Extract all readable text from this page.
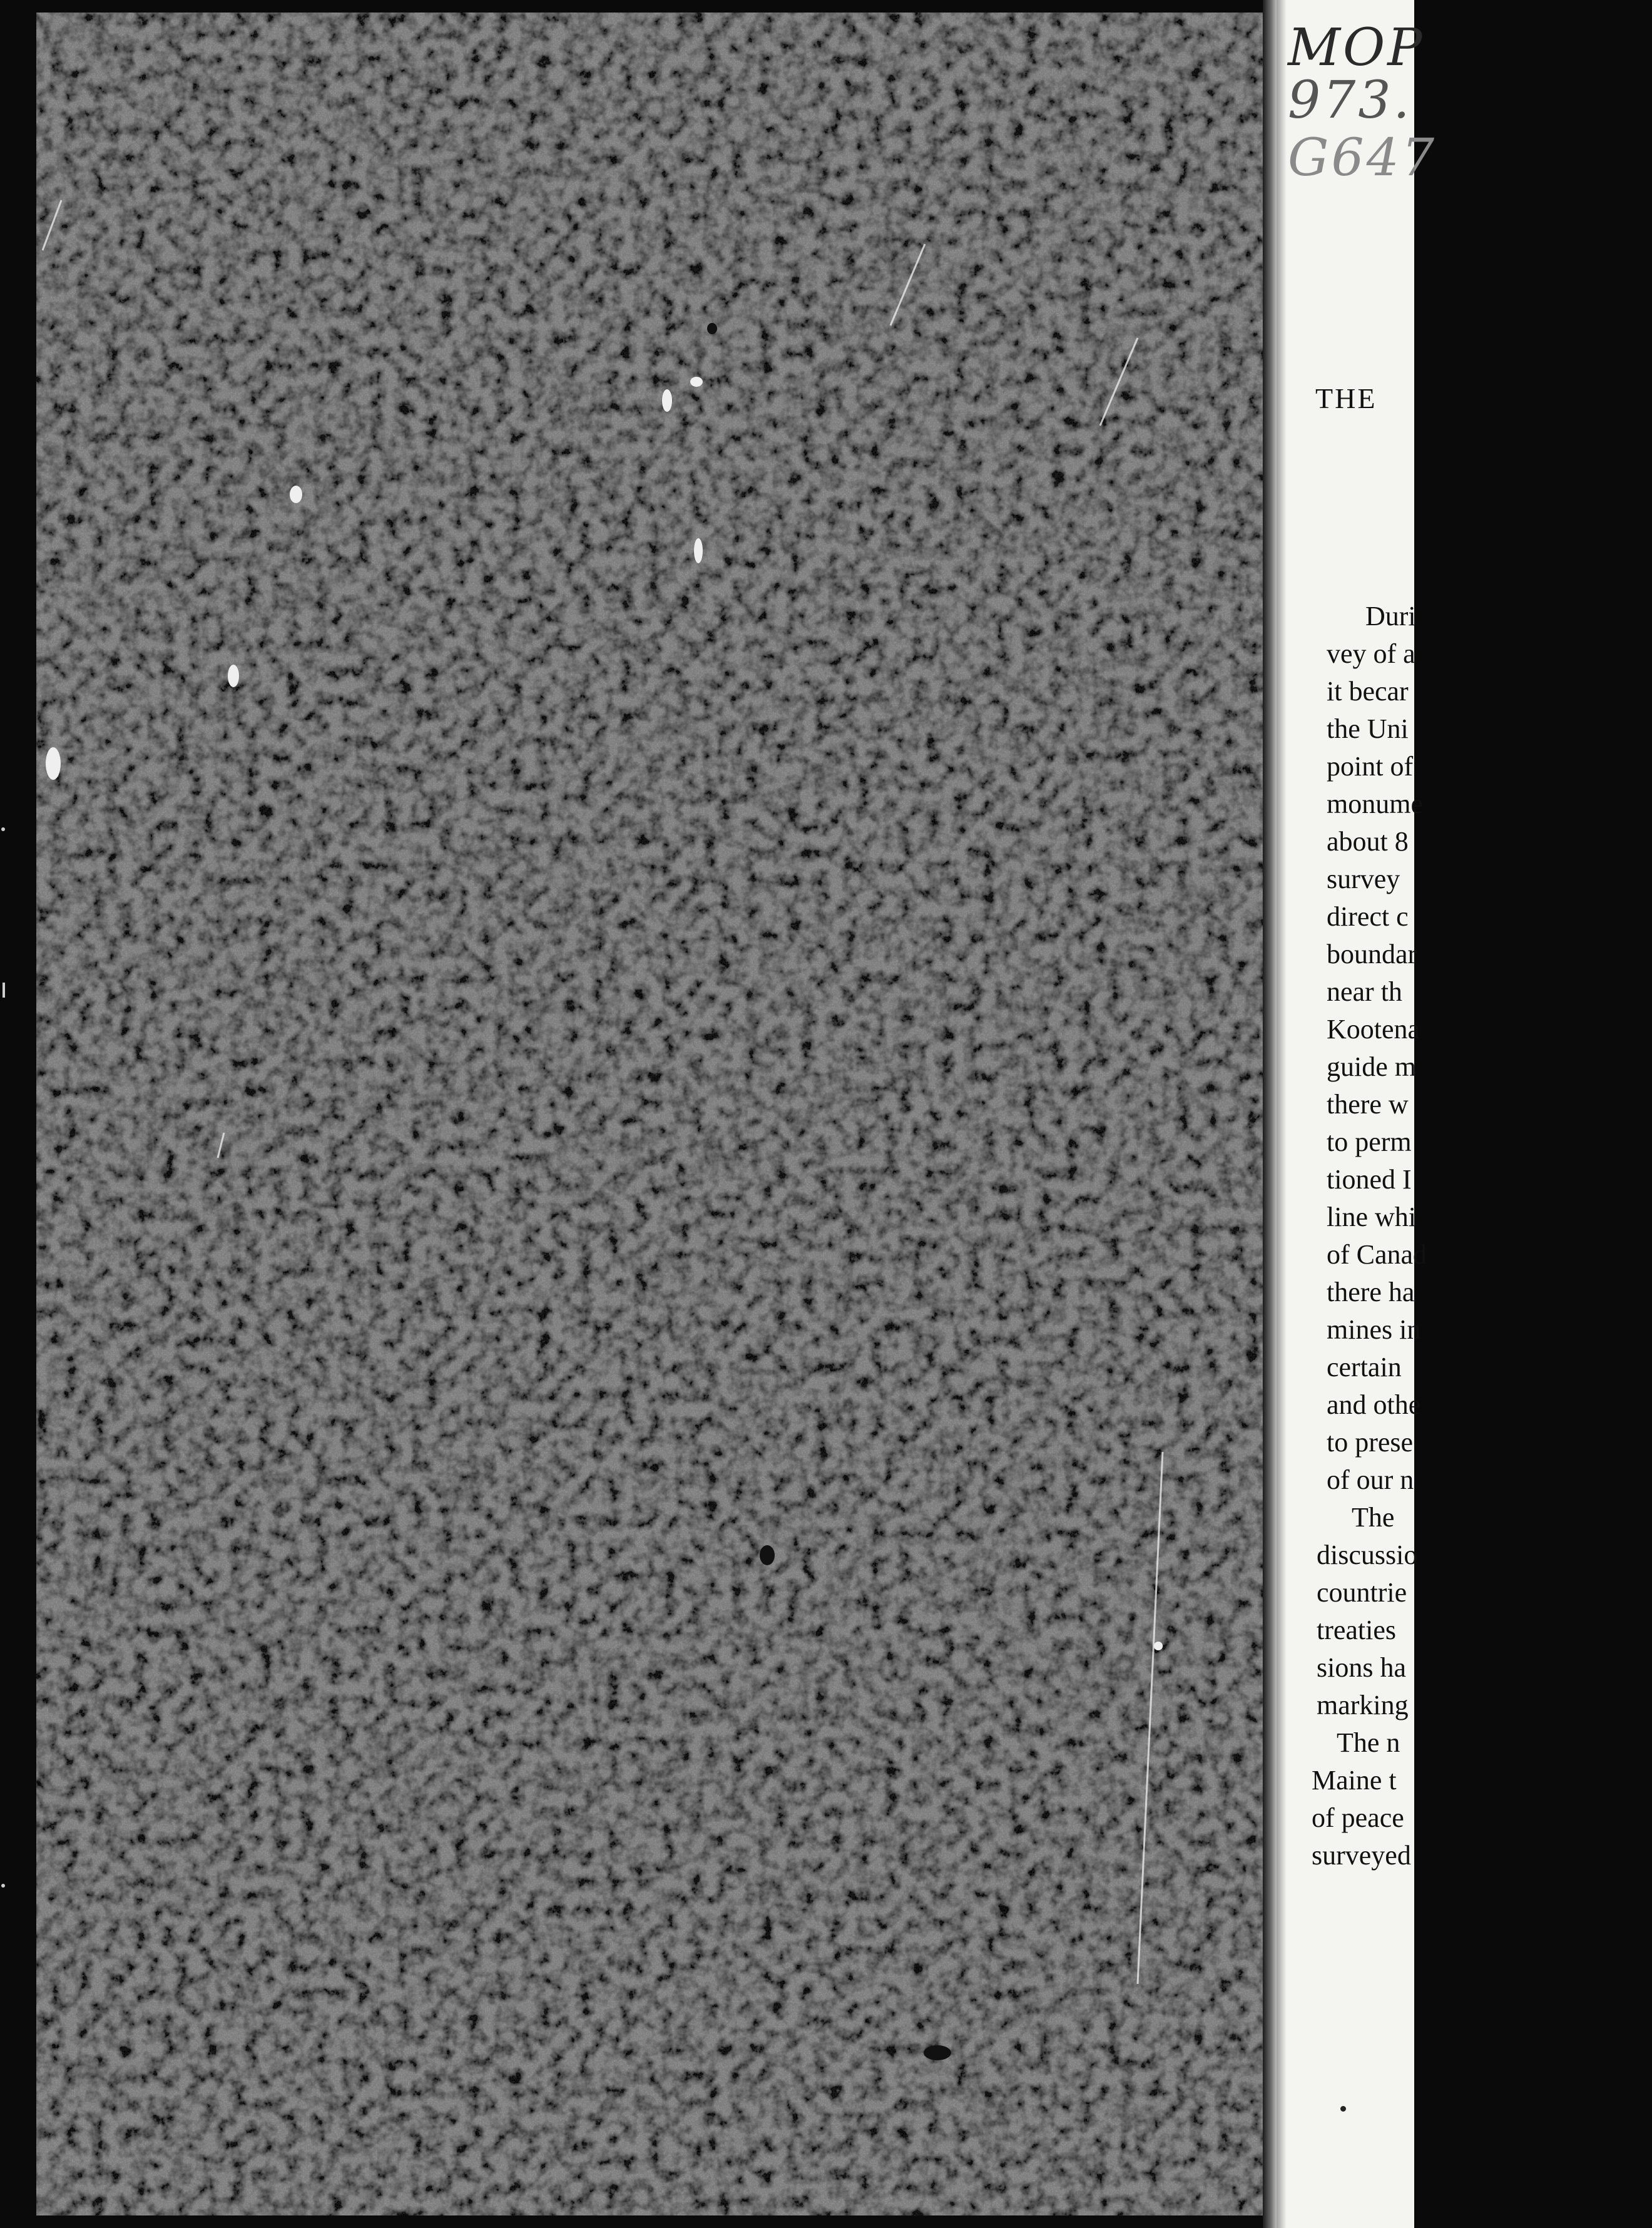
MOP
973.
G647
THE
Duri
vey of a
it becar
the Uni
point of
monume
about 8
survey
direct c
boundar
near th
Kootena
guide m
there w
to perm
tioned I
line whi
of Canad
there ha
mines in
certain
and othe
to prese
of our n
The
discussio
countrie
treaties
sions ha
marking
The n
Maine t
of peace
surveyed
